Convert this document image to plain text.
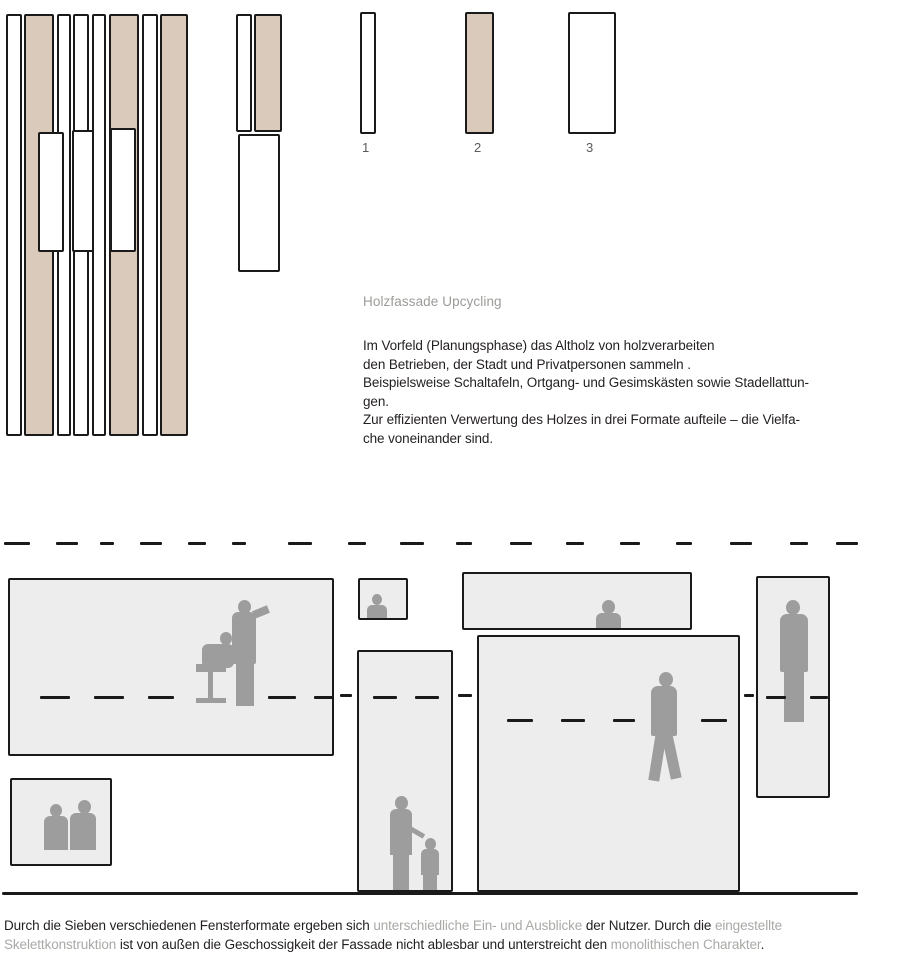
1	2	3

Holzfassade Upcycling

Im Vorfeld (Planungsphase) das Altholz von holzverarbeiten
den Betrieben, der Stadt und Privatpersonen sammeln .
Beispielsweise Schaltafeln, Ortgang- und Gesimskästen sowie Stadellattun-
gen.
Zur effizienten Verwertung des Holzes in drei Formate aufteile – die Vielfa-
che voneinander sind.

Durch die Sieben verschiedenen Fensterformate ergeben sich unterschiedliche Ein- und Ausblicke der Nutzer. Durch die eingestellte Skelettkonstruktion ist von außen die Geschossigkeit der Fassade nicht ablesbar und unterstreicht den monolithischen Charakter.
